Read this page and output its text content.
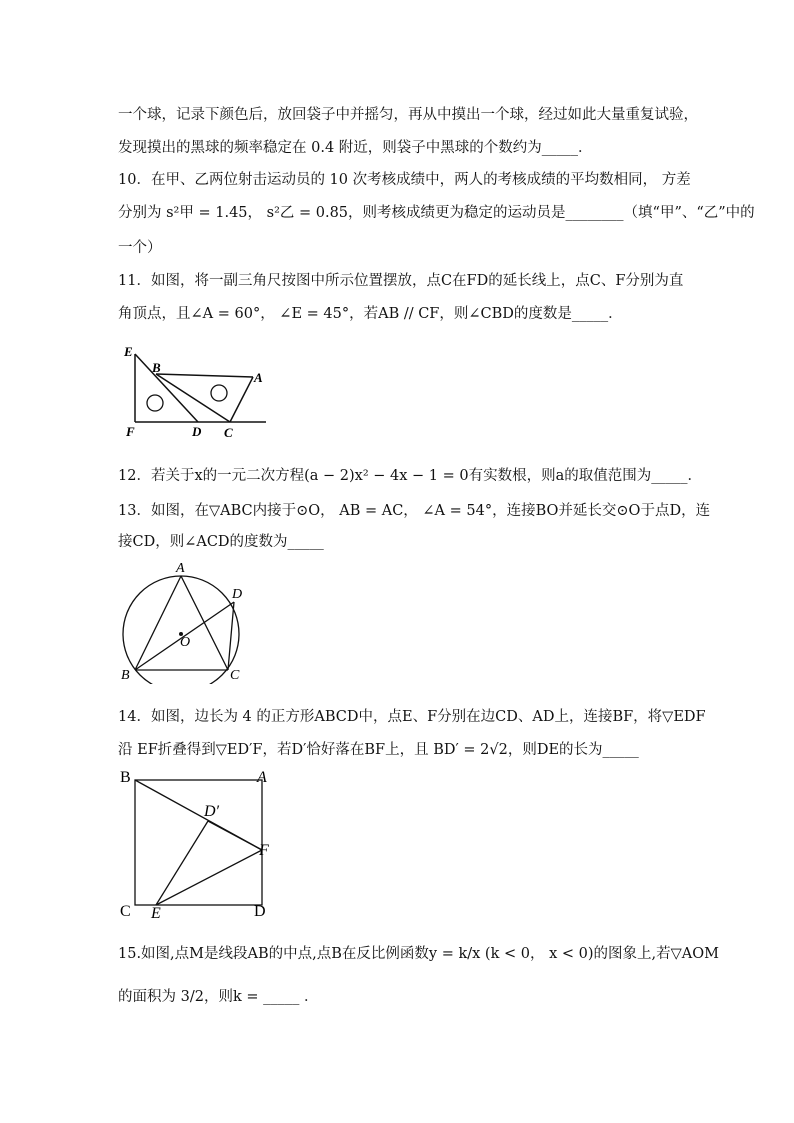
一个球，记录下颜色后，放回袋子中并摇匀，再从中摸出一个球，经过如此大量重复试验，
发现摸出的黑球的频率稳定在 0.4 附近，则袋子中黑球的个数约为_____．
10．在甲、乙两位射击运动员的 10 次考核成绩中，两人的考核成绩的平均数相同， 方差
分别为 s²甲 = 1.45， s²乙 = 0.85，则考核成绩更为稳定的运动员是________（填“甲”、“乙”中的
一个）
11．如图，将一副三角尺按图中所示位置摆放，点C在FD的延长线上，点C、F分别为直
角顶点，且∠A = 60°， ∠E = 45°，若AB // CF，则∠CBD的度数是_____．
E
B
A
F	D C
12．若关于x的一元二次方程(a − 2)x² − 4x − 1 = 0有实数根，则a的取值范围为_____．
13．如图，在▽ABC内接于⊙O， AB = AC， ∠A = 54°，连接BO并延长交⊙O于点D，连
接CD，则∠ACD的度数为_____
A
D
O
B	C
14．如图，边长为 4 的正方形ABCD中，点E、F分别在边CD、AD上，连接BF，将▽EDF
沿 EF折叠得到▽ED′F，若D′恰好落在BF上，且 BD′ = 2√2，则DE的长为_____
B	A
D′
F
C E	D
15.如图,点M是线段AB的中点,点B在反比例函数y = k/x (k < 0， x < 0)的图象上,若▽AOM
的面积为 3/2，则k = _____ ．
